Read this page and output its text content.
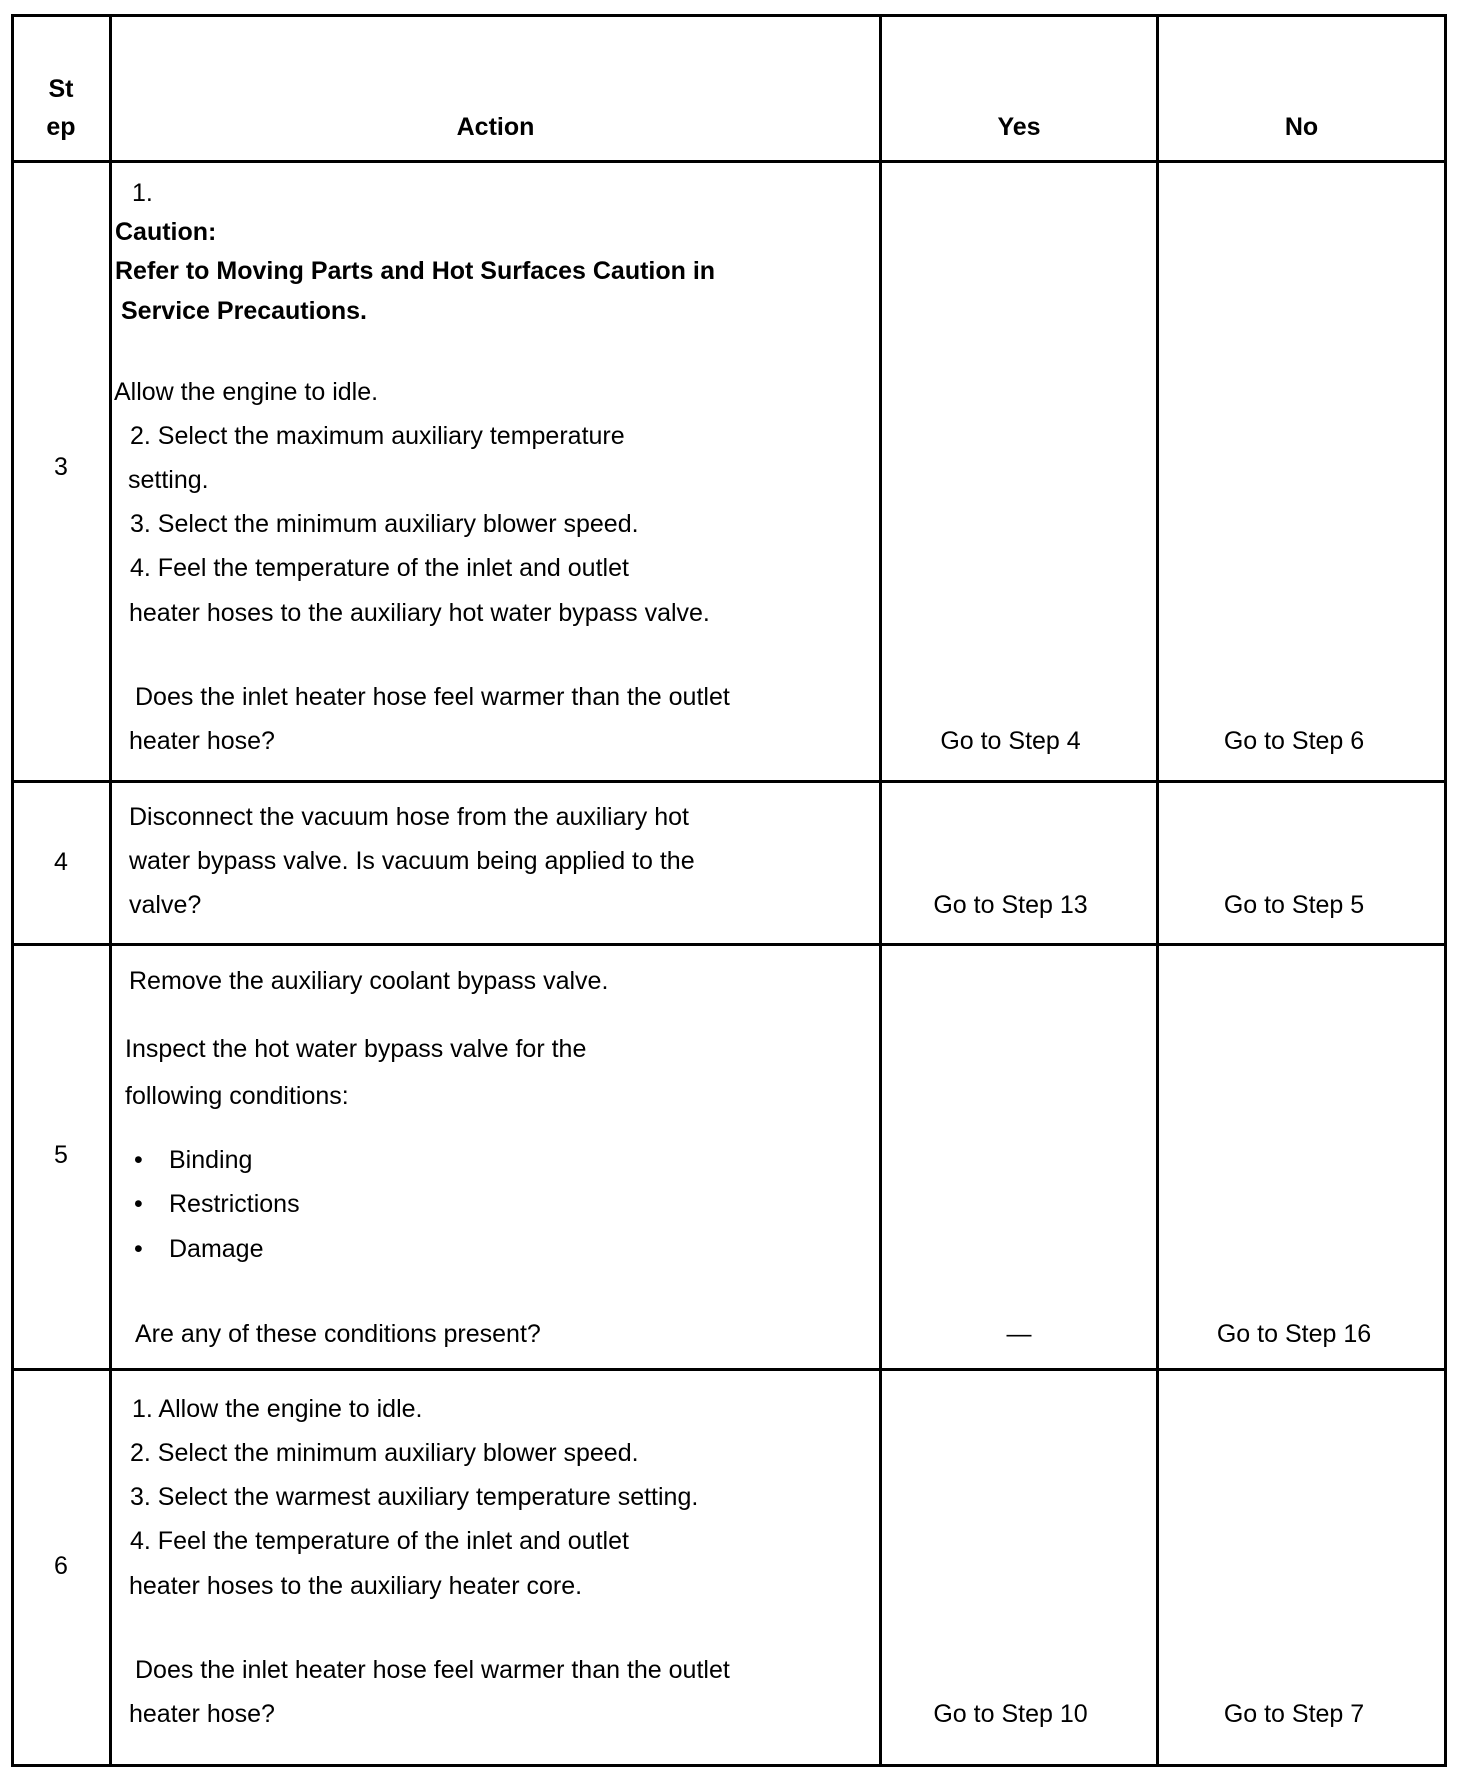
St
ep	Action	Yes	No
3
1.
Caution:
Refer to Moving Parts and Hot Surfaces Caution in
Service Precautions.
Allow the engine to idle.
2. Select the maximum auxiliary temperature
setting.
3. Select the minimum auxiliary blower speed.
4. Feel the temperature of the inlet and outlet
heater hoses to the auxiliary hot water bypass valve.
Does the inlet heater hose feel warmer than the outlet
heater hose?	Go to Step 4	Go to Step 6
4
Disconnect the vacuum hose from the auxiliary hot
water bypass valve. Is vacuum being applied to the
valve?	Go to Step 13	Go to Step 5
5
Remove the auxiliary coolant bypass valve.
Inspect the hot water bypass valve for the
following conditions:
• Binding
• Restrictions
• Damage
Are any of these conditions present?	—	Go to Step 16
6
1. Allow the engine to idle.
2. Select the minimum auxiliary blower speed.
3. Select the warmest auxiliary temperature setting.
4. Feel the temperature of the inlet and outlet
heater hoses to the auxiliary heater core.
Does the inlet heater hose feel warmer than the outlet
heater hose?	Go to Step 10	Go to Step 7
